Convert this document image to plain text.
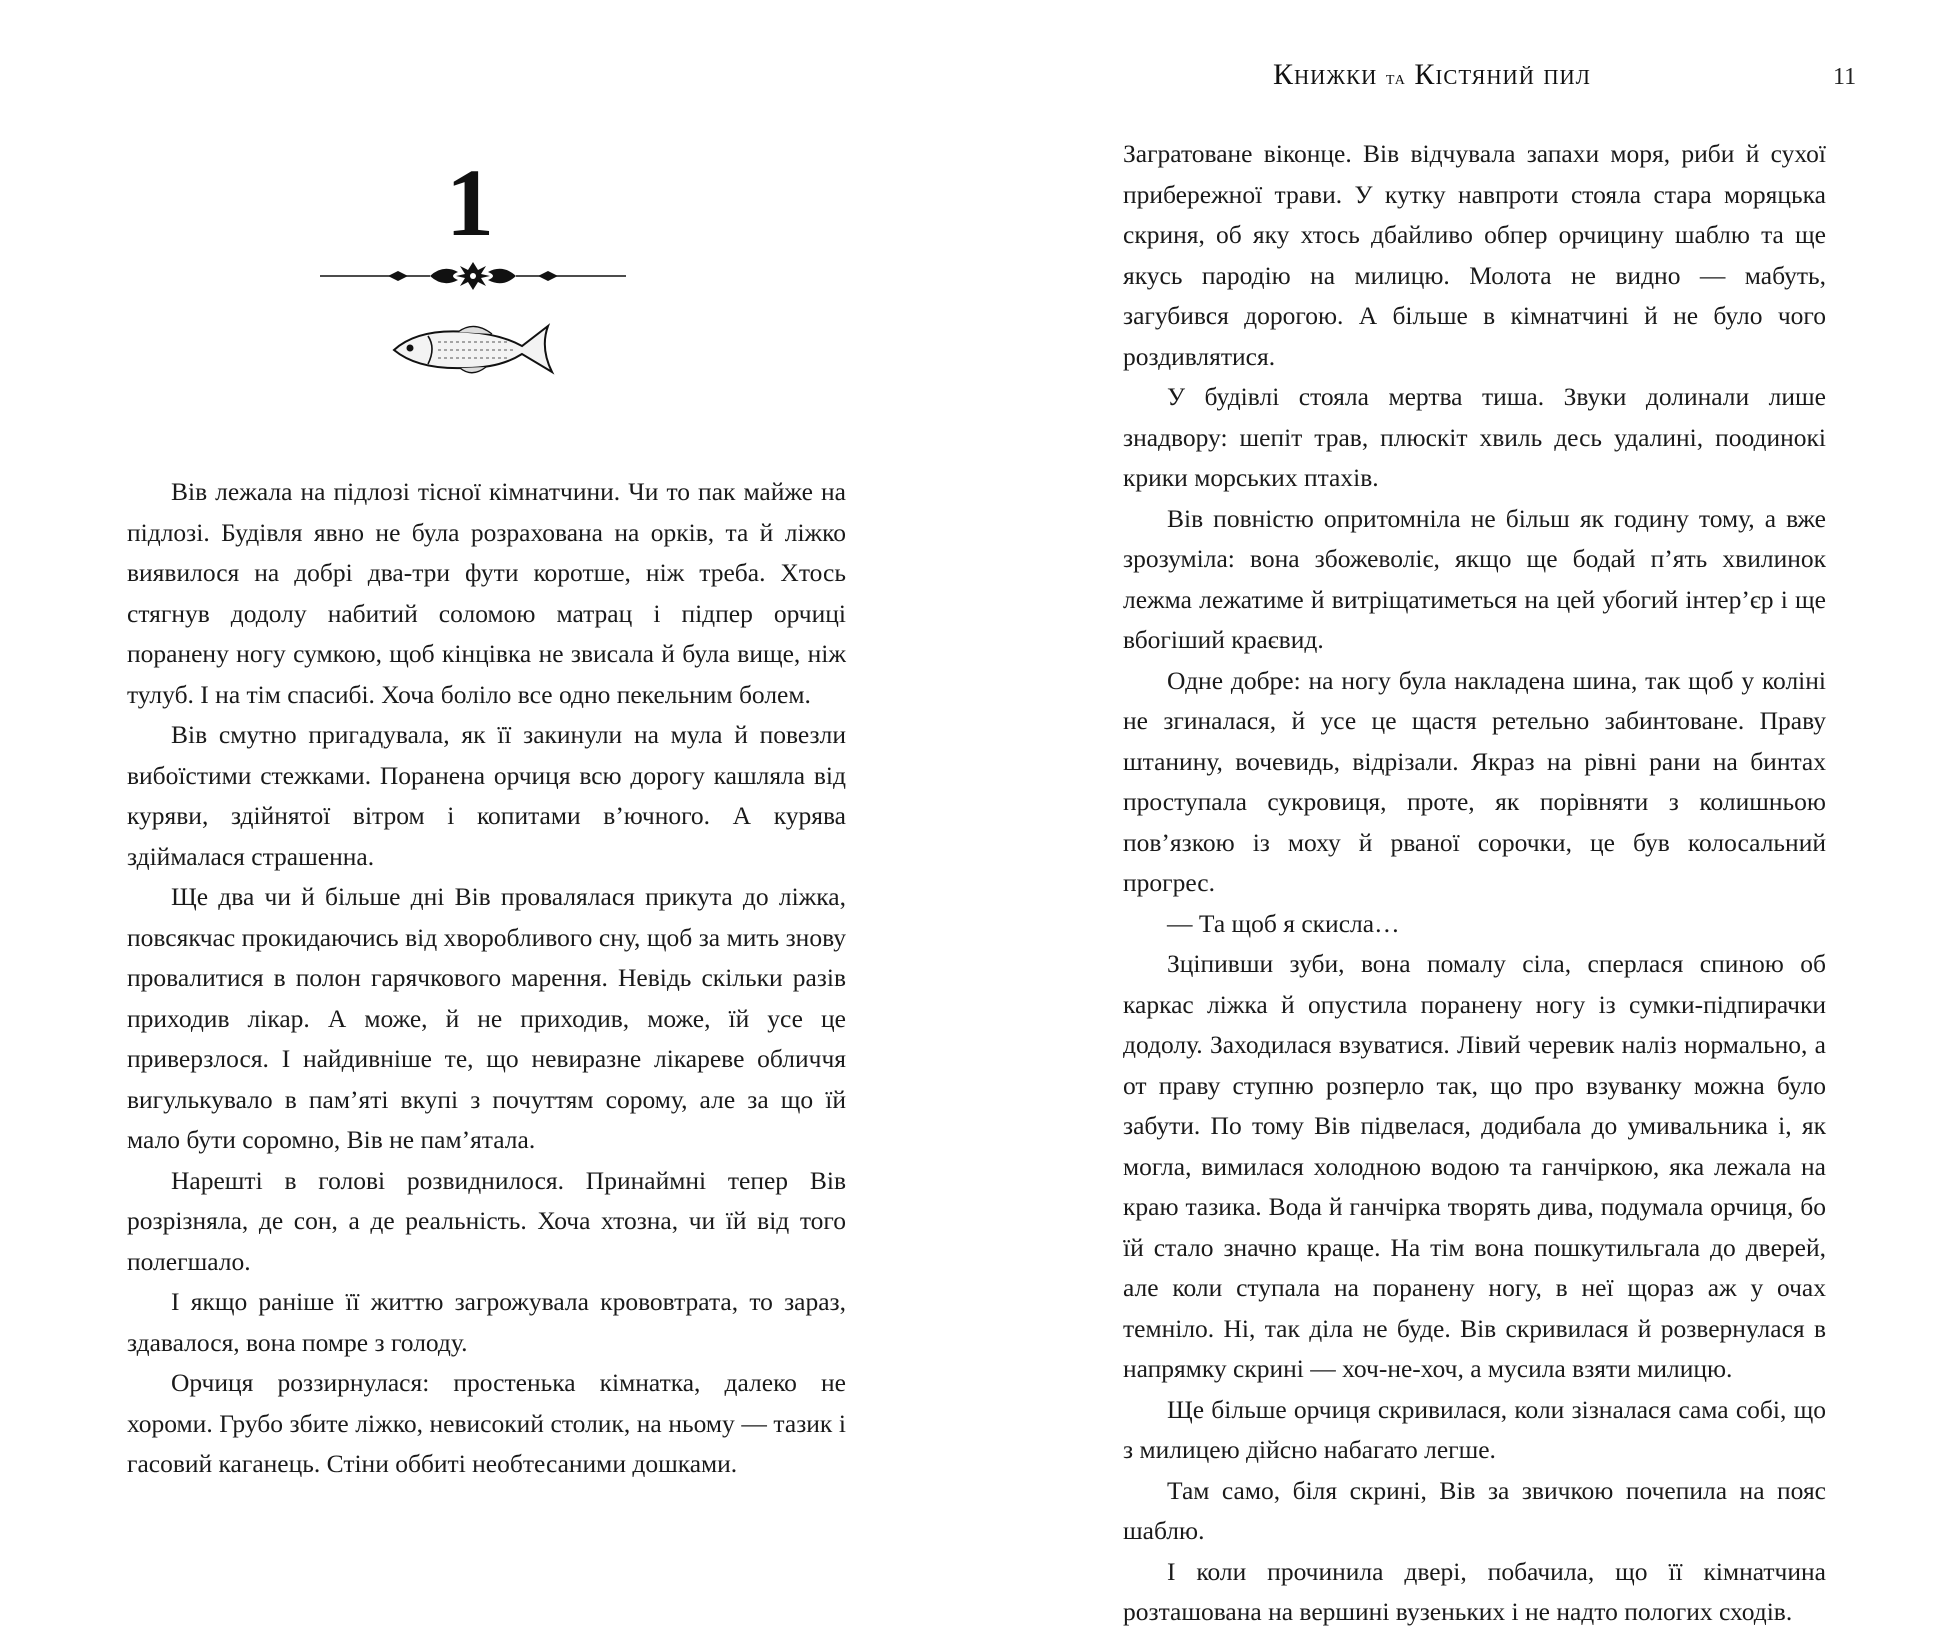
1

Вів лежала на підлозі тісної кімнатчини. Чи то пак майже на підлозі. Будівля явно не була розрахована на орків, та й ліжко виявилося на добрі два-три фути коротше, ніж треба. Хтось стягнув додолу набитий соломою матрац і підпер орчиці поранену ногу сумкою, щоб кінцівка не звисала й була вище, ніж тулуб. І на тім спасибі. Хоча боліло все одно пекельним болем.

Вів смутно пригадувала, як її закинули на мула й повезли вибоїстими стежками. Поранена орчиця всю дорогу кашляла від куряви, здійнятої вітром і копитами в’ючного. А курява здіймалася страшенна.

Ще два чи й більше дні Вів провалялася прикута до ліжка, повсякчас прокидаючись від хворобливого сну, щоб за мить знову провалитися в полон гарячкового марення. Невідь скільки разів приходив лікар. А може, й не приходив, може, їй усе це приверзлося. І найдивніше те, що невиразне лікареве обличчя вигулькувало в пам’яті вкупі з почуттям сорому, але за що їй мало бути соромно, Вів не пам’ятала.

Нарешті в голові розвиднилося. Принаймні тепер Вів розрізняла, де сон, а де реальність. Хоча хтозна, чи їй від того полегшало.

І якщо раніше її життю загрожувала крововтрата, то зараз, здавалося, вона помре з голоду.

Орчиця роззирнулася: простенька кімнатка, далеко не хороми. Грубо збите ліжко, невисокий столик, на ньому — тазик і гасовий каганець. Стіни оббиті необтесаними дошками.

Книжки та Кістяний пил	11

Загратоване віконце. Вів відчувала запахи моря, риби й сухої прибережної трави. У кутку навпроти стояла стара моряцька скриня, об яку хтось дбайливо обпер орчицину шаблю та ще якусь пародію на милицю. Молота не видно — мабуть, загубився дорогою. А більше в кімнатчині й не було чого роздивлятися.

У будівлі стояла мертва тиша. Звуки долинали лише знадвору: шепіт трав, плюскіт хвиль десь удалині, поодинокі крики морських птахів.

Вів повністю опритомніла не більш як годину тому, а вже зрозуміла: вона збожеволіє, якщо ще бодай п’ять хвилинок лежма лежатиме й витріщатиметься на цей убогий інтер’єр і ще вбогіший краєвид.

Одне добре: на ногу була накладена шина, так щоб у коліні не згиналася, й усе це щастя ретельно забинтоване. Праву штанину, вочевидь, відрізали. Якраз на рівні рани на бинтах проступала сукровиця, проте, як порівняти з колишньою пов’язкою із моху й рваної сорочки, це був колосальний прогрес.

— Та щоб я скисла…

Зціпивши зуби, вона помалу сіла, сперлася спиною об каркас ліжка й опустила поранену ногу із сумки-підпирачки додолу. Заходилася взуватися. Лівий черевик наліз нормально, а от праву ступню розперло так, що про взуванку можна було забути. По тому Вів підвелася, додибала до умивальника і, як могла, вимилася холодною водою та ганчіркою, яка лежала на краю тазика. Вода й ганчірка творять дива, подумала орчиця, бо їй стало значно краще. На тім вона пошкутильгала до дверей, але коли ступала на поранену ногу, в неї щораз аж у очах темніло. Ні, так діла не буде. Вів скривилася й розвернулася в напрямку скрині — хоч-не-хоч, а мусила взяти милицю.

Ще більше орчиця скривилася, коли зізналася сама собі, що з милицею дійсно набагато легше.

Там само, біля скрині, Вів за звичкою почепила на пояс шаблю.

І коли прочинила двері, побачила, що її кімнатчина розташована на вершині вузеньких і не надто пологих сходів.
